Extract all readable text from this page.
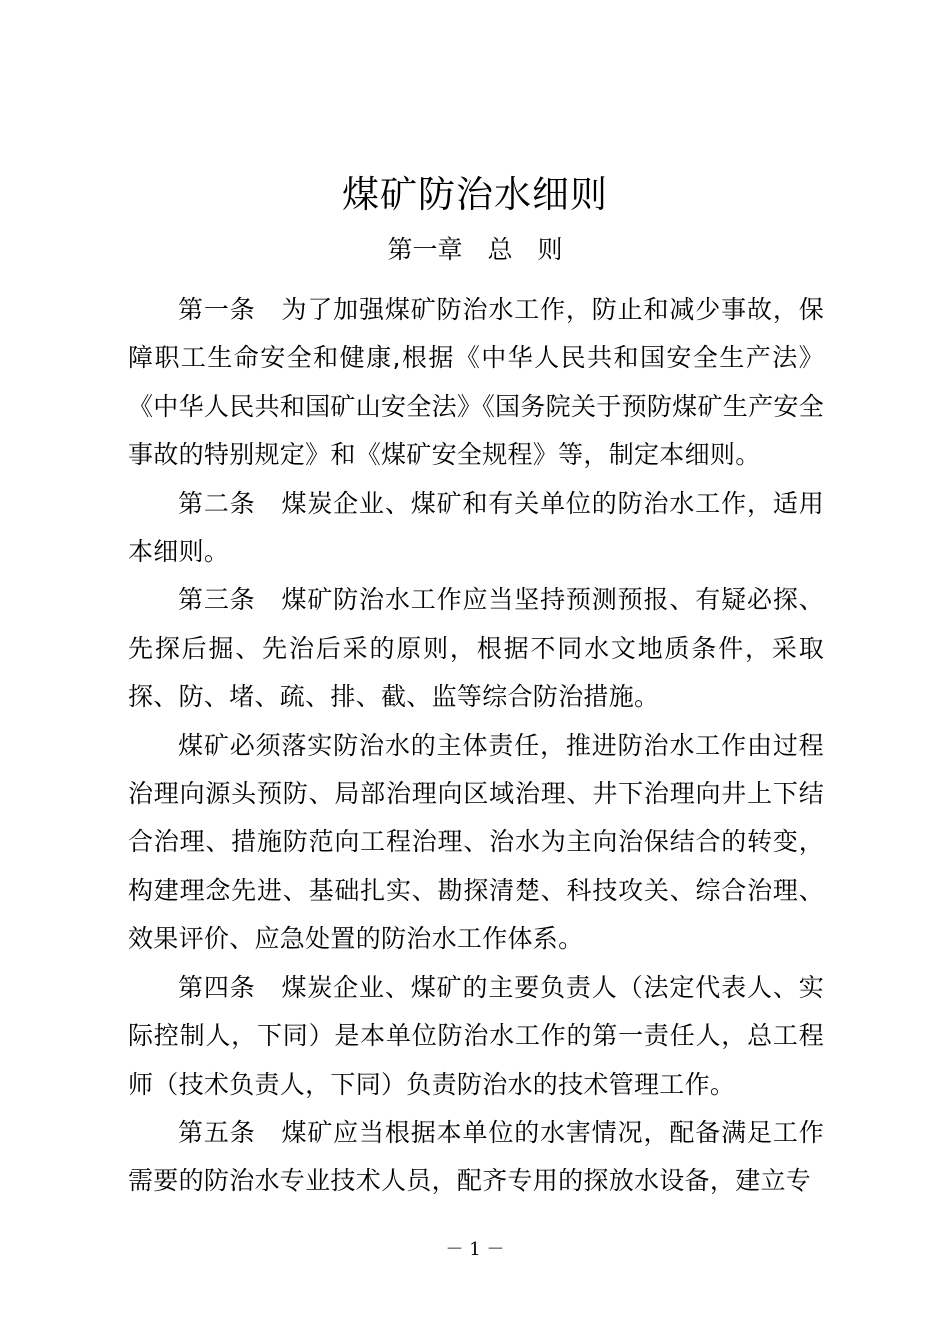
煤矿防治水细则
第一章　总　则

第一条　为了加强煤矿防治水工作，防止和减少事故，保障职工生命安全和健康,根据《中华人民共和国安全生产法》《中华人民共和国矿山安全法》《国务院关于预防煤矿生产安全事故的特别规定》和《煤矿安全规程》等，制定本细则。

第二条　煤炭企业、煤矿和有关单位的防治水工作，适用本细则。

第三条　煤矿防治水工作应当坚持预测预报、有疑必探、先探后掘、先治后采的原则，根据不同水文地质条件，采取探、防、堵、疏、排、截、监等综合防治措施。

煤矿必须落实防治水的主体责任，推进防治水工作由过程治理向源头预防、局部治理向区域治理、井下治理向井上下结合治理、措施防范向工程治理、治水为主向治保结合的转变，构建理念先进、基础扎实、勘探清楚、科技攻关、综合治理、效果评价、应急处置的防治水工作体系。

第四条　煤炭企业、煤矿的主要负责人（法定代表人、实际控制人，下同）是本单位防治水工作的第一责任人，总工程师（技术负责人，下同）负责防治水的技术管理工作。

第五条　煤矿应当根据本单位的水害情况，配备满足工作需要的防治水专业技术人员，配齐专用的探放水设备，建立专

－ 1 －
